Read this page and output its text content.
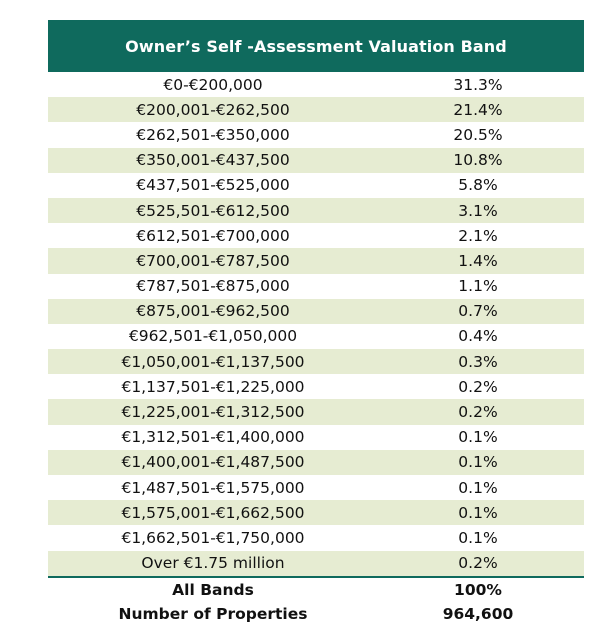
Owner’s Self -Assessment Valuation Band
€0-€200,000	31.3%
€200,001-€262,500	21.4%
€262,501-€350,000	20.5%
€350,001-€437,500	10.8%
€437,501-€525,000	5.8%
€525,501-€612,500	3.1%
€612,501-€700,000	2.1%
€700,001-€787,500	1.4%
€787,501-€875,000	1.1%
€875,001-€962,500	0.7%
€962,501-€1,050,000	0.4%
€1,050,001-€1,137,500	0.3%
€1,137,501-€1,225,000	0.2%
€1,225,001-€1,312,500	0.2%
€1,312,501-€1,400,000	0.1%
€1,400,001-€1,487,500	0.1%
€1,487,501-€1,575,000	0.1%
€1,575,001-€1,662,500	0.1%
€1,662,501-€1,750,000	0.1%
Over €1.75 million	0.2%
All Bands	100%
Number of Properties	964,600
